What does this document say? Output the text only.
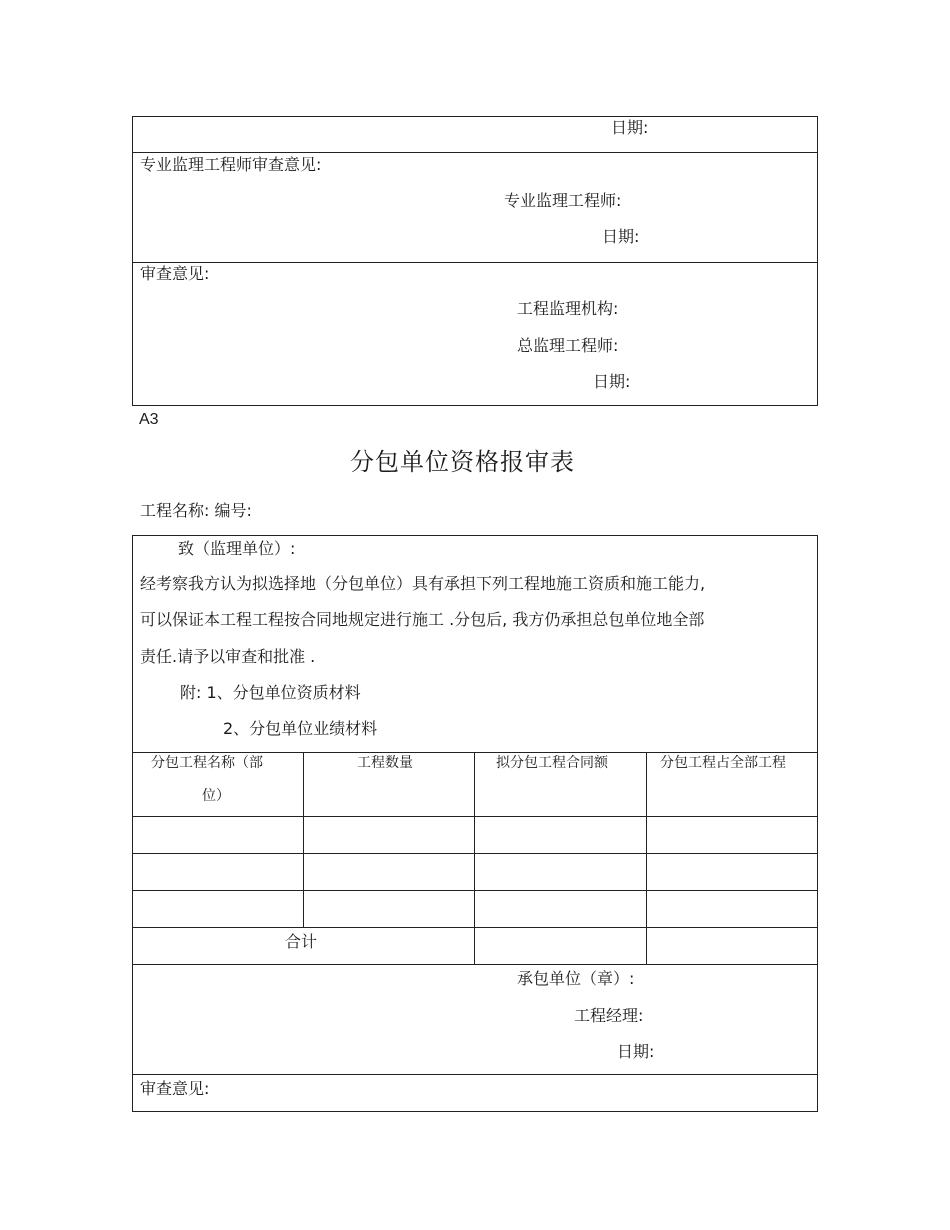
日期:
专业监理工程师审查意见:
专业监理工程师:
日期:
审查意见:
工程监理机构:
总监理工程师:
日期:
A3
分包单位资格报审表
工程名称: 编号:
致（监理单位）:
经考察我方认为拟选择地（分包单位）具有承担下列工程地施工资质和施工能力,
可以保证本工程工程按合同地规定进行施工 .分包后, 我方仍承担总包单位地全部
责任.请予以审查和批准 .
附: 1、分包单位资质材料
2、分包单位业绩材料
分包工程名称（部
位）
工程数量	拟分包工程合同额	分包工程占全部工程
合计
承包单位（章）:
工程经理:
日期:
审查意见:
